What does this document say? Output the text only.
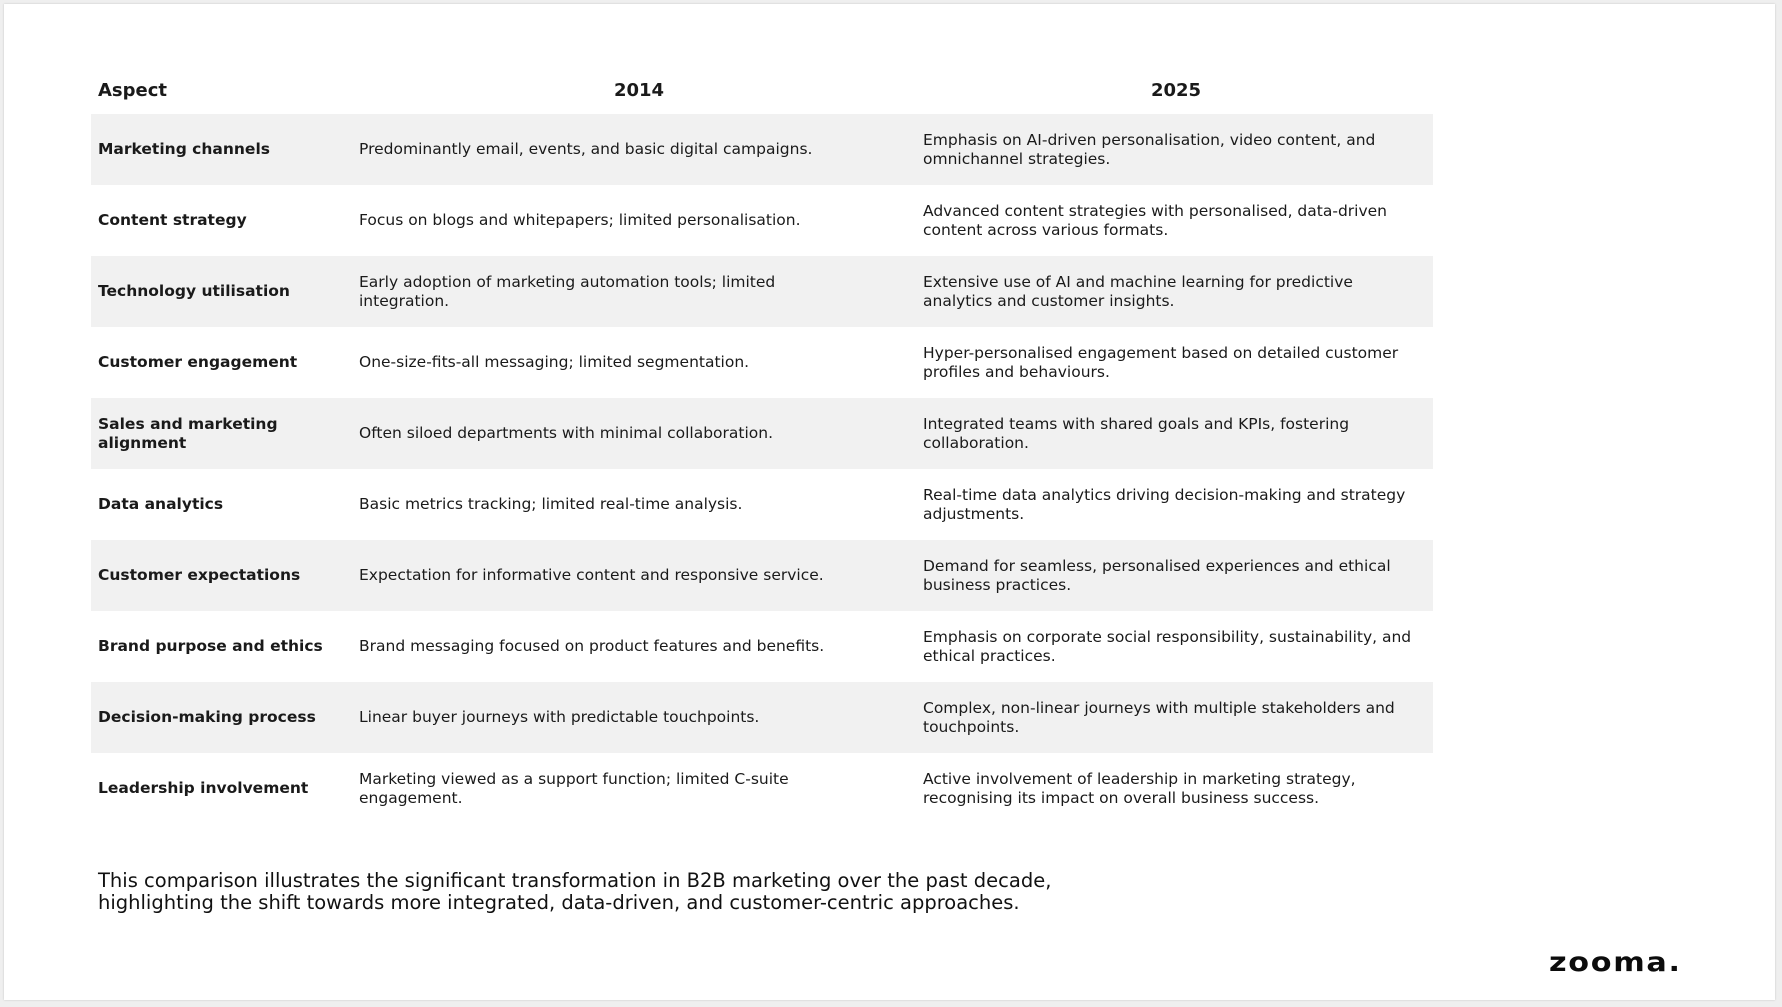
Aspect	2014	2025
Marketing channels	Predominantly email, events, and basic digital campaigns.	Emphasis on AI-driven personalisation, video content, and omnichannel strategies.
Content strategy	Focus on blogs and whitepapers; limited personalisation.	Advanced content strategies with personalised, data-driven content across various formats.
Technology utilisation	Early adoption of marketing automation tools; limited integration.	Extensive use of AI and machine learning for predictive analytics and customer insights.
Customer engagement	One-size-fits-all messaging; limited segmentation.	Hyper-personalised engagement based on detailed customer profiles and behaviours.
Sales and marketing alignment	Often siloed departments with minimal collaboration.	Integrated teams with shared goals and KPIs, fostering collaboration.
Data analytics	Basic metrics tracking; limited real-time analysis.	Real-time data analytics driving decision-making and strategy adjustments.
Customer expectations	Expectation for informative content and responsive service.	Demand for seamless, personalised experiences and ethical business practices.
Brand purpose and ethics	Brand messaging focused on product features and benefits.	Emphasis on corporate social responsibility, sustainability, and ethical practices.
Decision-making process	Linear buyer journeys with predictable touchpoints.	Complex, non-linear journeys with multiple stakeholders and touchpoints.
Leadership involvement	Marketing viewed as a support function; limited C-suite engagement.	Active involvement of leadership in marketing strategy, recognising its impact on overall business success.

This comparison illustrates the significant transformation in B2B marketing over the past decade, highlighting the shift towards more integrated, data-driven, and customer-centric approaches.

zooma.
